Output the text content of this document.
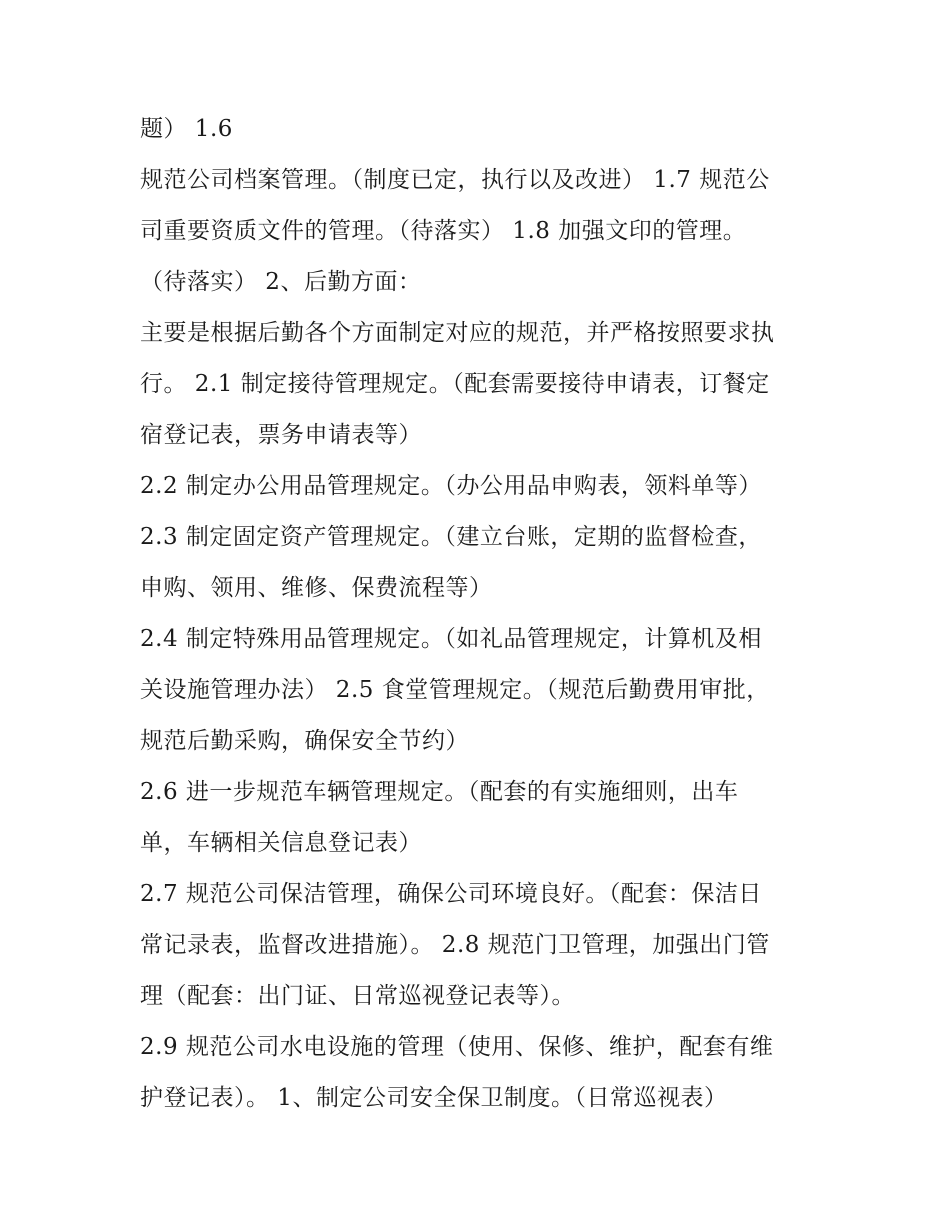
题） 1.6
规范公司档案管理。（制度已定，执行以及改进） 1.7 规范公
司重要资质文件的管理。（待落实） 1.8 加强文印的管理。
（待落实） 2、后勤方面：
主要是根据后勤各个方面制定对应的规范，并严格按照要求执
行。 2.1 制定接待管理规定。（配套需要接待申请表，订餐定
宿登记表，票务申请表等）
2.2 制定办公用品管理规定。（办公用品申购表，领料单等）
2.3 制定固定资产管理规定。（建立台账，定期的监督检查，
申购、领用、维修、保费流程等）
2.4 制定特殊用品管理规定。（如礼品管理规定，计算机及相
关设施管理办法） 2.5 食堂管理规定。（规范后勤费用审批，
规范后勤采购，确保安全节约）
2.6 进一步规范车辆管理规定。（配套的有实施细则，出车
单，车辆相关信息登记表）
2.7 规范公司保洁管理，确保公司环境良好。（配套：保洁日
常记录表，监督改进措施）。 2.8 规范门卫管理，加强出门管
理（配套：出门证、日常巡视登记表等）。
2.9 规范公司水电设施的管理（使用、保修、维护，配套有维
护登记表）。 1、制定公司安全保卫制度。（日常巡视表）
